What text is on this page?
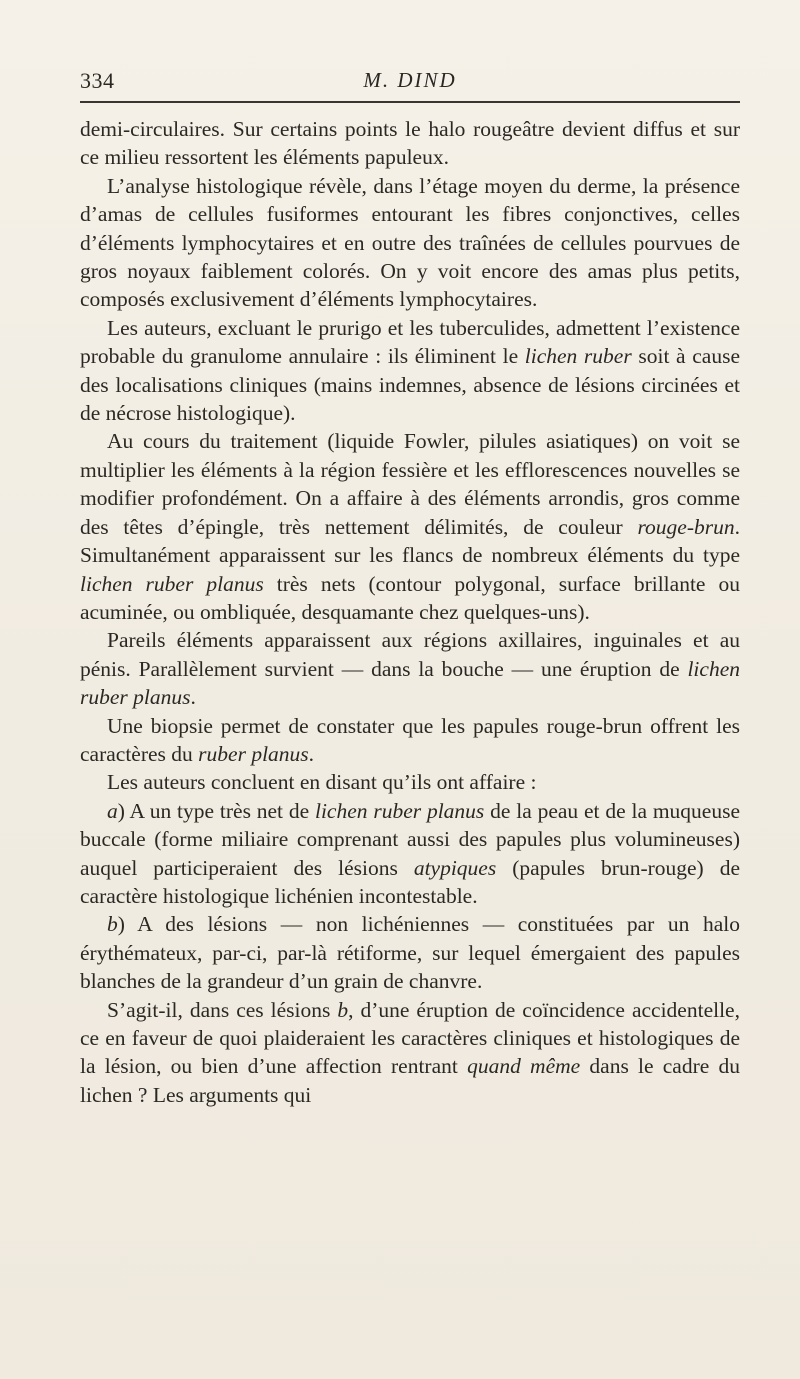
334	M. DIND

demi-circulaires. Sur certains points le halo rougeâtre devient diffus et sur ce milieu ressortent les éléments papuleux.

L’analyse histologique révèle, dans l’étage moyen du derme, la présence d’amas de cellules fusiformes entourant les fibres conjonctives, celles d’éléments lymphocytaires et en outre des traînées de cellules pourvues de gros noyaux faiblement colorés. On y voit encore des amas plus petits, composés exclusivement d’éléments lymphocytaires.

Les auteurs, excluant le prurigo et les tuberculides, admettent l’existence probable du granulome annulaire : ils éliminent le lichen ruber soit à cause des localisations cliniques (mains indemnes, absence de lésions circinées et de nécrose histologique).

Au cours du traitement (liquide Fowler, pilules asiatiques) on voit se multiplier les éléments à la région fessière et les efflorescences nouvelles se modifier profondément. On a affaire à des éléments arrondis, gros comme des têtes d’épingle, très nettement délimités, de couleur rouge-brun. Simultanément apparaissent sur les flancs de nombreux éléments du type lichen ruber planus très nets (contour polygonal, surface brillante ou acuminée, ou ombliquée, desquamante chez quelques-uns).

Pareils éléments apparaissent aux régions axillaires, inguinales et au pénis. Parallèlement survient — dans la bouche — une éruption de lichen ruber planus.

Une biopsie permet de constater que les papules rouge-brun offrent les caractères du ruber planus.

Les auteurs concluent en disant qu’ils ont affaire :

a) A un type très net de lichen ruber planus de la peau et de la muqueuse buccale (forme miliaire comprenant aussi des papules plus volumineuses) auquel participeraient des lésions atypiques (papules brun-rouge) de caractère histologique lichénien incontestable.

b) A des lésions — non lichéniennes — constituées par un halo érythémateux, par-ci, par-là rétiforme, sur lequel émergaient des papules blanches de la grandeur d’un grain de chanvre.

S’agit-il, dans ces lésions b, d’une éruption de coïncidence accidentelle, ce en faveur de quoi plaideraient les caractères cliniques et histologiques de la lésion, ou bien d’une affection rentrant quand même dans le cadre du lichen ? Les arguments qui
